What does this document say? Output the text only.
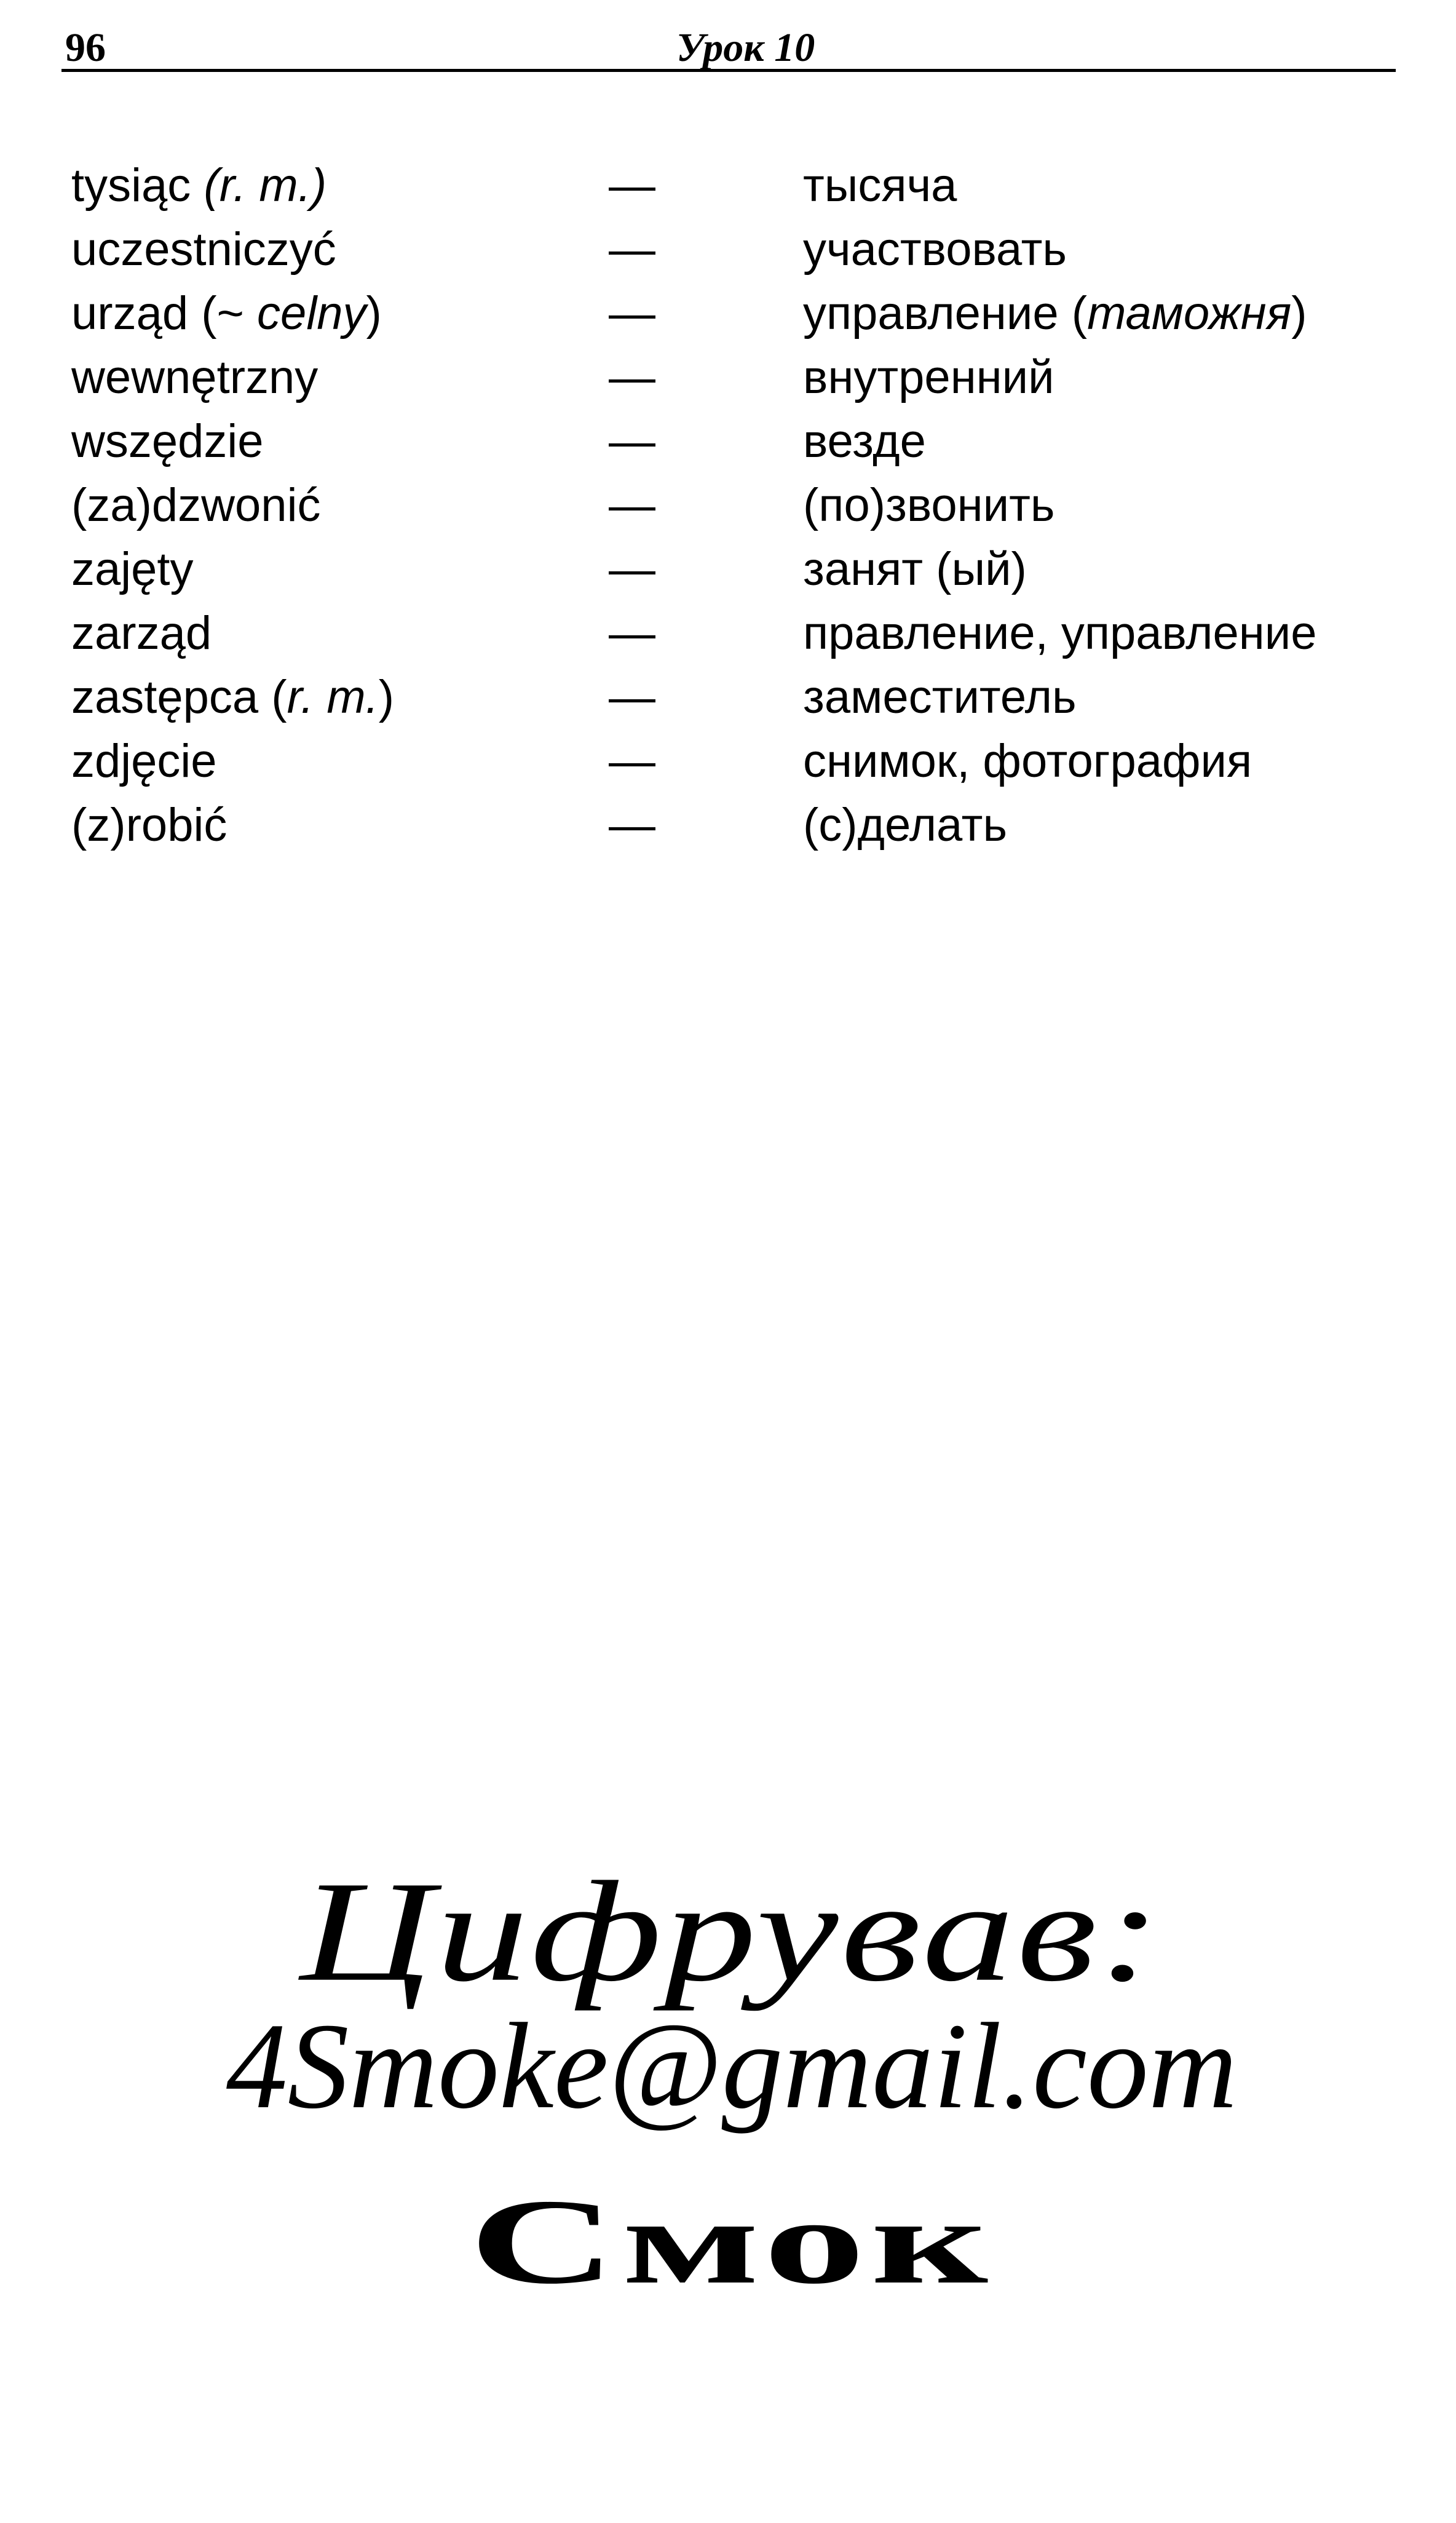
96	Урок 10
tysiąc (r. m.)	—	тысяча
uczestniczyć	—	участвовать
urząd (~ celny)	—	управление (таможня)
wewnętrzny	—	внутренний
wszędzie	—	везде
(za)dzwonić	—	(по)звонить
zajęty	—	занят (ый)
zarząd	—	правление, управление
zastępca (r. m.)	—	заместитель
zdjęcie	—	снимок, фотография
(z)robić	—	(с)делать
Цифрував:
4Smoke@gmail.com
Смок
